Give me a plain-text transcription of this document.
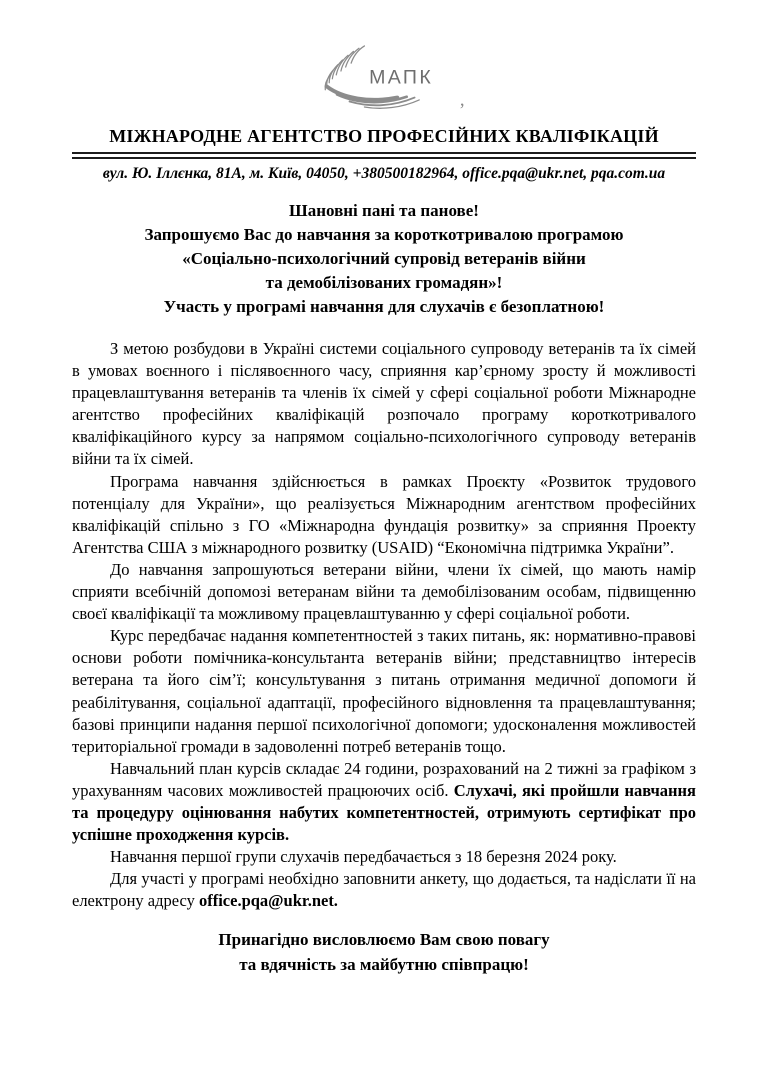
МАПК
,
МІЖНАРОДНЕ АГЕНТСТВО ПРОФЕСІЙНИХ КВАЛІФІКАЦІЙ
вул. Ю. Іллєнка, 81А, м. Київ, 04050, +380500182964, office.pqa@ukr.net, pqa.com.ua
Шановні пані та панове!
Запрошуємо Вас до навчання за короткотривалою програмою
«Соціально-психологічний супровід ветеранів війни
та демобілізованих громадян»!
Участь у програмі навчання для слухачів є безоплатною!

З метою розбудови в Україні системи соціального супроводу ветеранів та їх сімей в умовах воєнного і післявоєнного часу, сприяння кар’єрному зросту й можливості працевлаштування ветеранів та членів їх сімей у сфері соціальної роботи Міжнародне агентство професійних кваліфікацій розпочало програму короткотривалого кваліфікаційного курсу за напрямом соціально-психологічного супроводу ветеранів війни та їх сімей.

Програма навчання здійснюється в рамках Проєкту «Розвиток трудового потенціалу для України», що реалізується Міжнародним агентством професійних кваліфікацій спільно з ГО «Міжнародна фундація розвитку» за сприяння Проекту Агентства США з міжнародного розвитку (USAID) “Економічна підтримка України”.

До навчання запрошуються ветерани війни, члени їх сімей, що мають намір сприяти всебічній допомозі ветеранам війни та демобілізованим особам, підвищенню своєї кваліфікації та можливому працевлаштуванню у сфері соціальної роботи.

Курс передбачає надання компетентностей з таких питань, як: нормативно-правові основи роботи помічника-консультанта ветеранів війни; представництво інтересів ветерана та його сім’ї; консультування з питань отримання медичної допомоги й реабілітування, соціальної адаптації, професійного відновлення та працевлаштування; базові принципи надання першої психологічної допомоги; удосконалення можливостей територіальної громади в задоволенні потреб ветеранів тощо.

Навчальний план курсів складає 24 години, розрахований на 2 тижні за графіком з урахуванням часових можливостей працюючих осіб. Слухачі, які пройшли навчання та процедуру оцінювання набутих компетентностей, отримують сертифікат про успішне проходження курсів.

Навчання першої групи слухачів передбачається з 18 березня 2024 року.

Для участі у програмі необхідно заповнити анкету, що додається, та надіслати її на електрону адресу office.pqa@ukr.net.

Принагідно висловлюємо Вам свою повагу
та вдячність за майбутню співпрацю!
